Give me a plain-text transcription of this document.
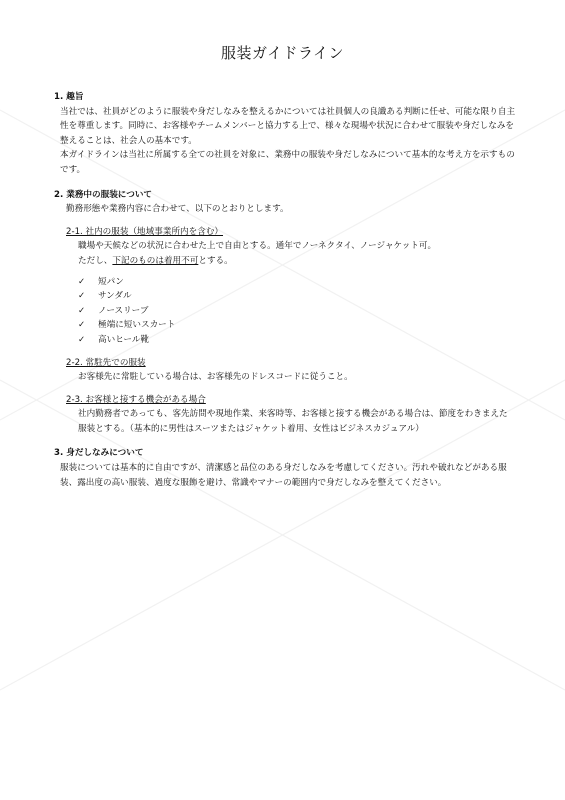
服装ガイドライン
1. 趣旨

当社では、社員がどのように服装や身だしなみを整えるかについては社員個人の良識ある判断に任せ、可能な限り自主性を尊重します。同時に、お客様やチームメンバーと協力する上で、様々な現場や状況に合わせて服装や身だしなみを整えることは、社会人の基本です。

本ガイドラインは当社に所属する全ての社員を対象に、業務中の服装や身だしなみについて基本的な考え方を示すものです。

2. 業務中の服装について

勤務形態や業務内容に合わせて、以下のとおりとします。

2-1. 社内の服装（地域事業所内を含む）
職場や天候などの状況に合わせた上で自由とする。通年でノーネクタイ、ノージャケット可。
ただし、下記のものは着用不可とする。
✓	短パン
✓	サンダル
✓	ノースリーブ
✓	極端に短いスカート
✓	高いヒール靴
2-2. 常駐先での服装
お客様先に常駐している場合は、お客様先のドレスコードに従うこと。
2-3. お客様と接する機会がある場合
社内勤務者であっても、客先訪問や現地作業、来客時等、お客様と接する機会がある場合は、節度をわきまえた服装とする。（基本的に男性はスーツまたはジャケット着用、女性はビジネスカジュアル）
3. 身だしなみについて

服装については基本的に自由ですが、清潔感と品位のある身だしなみを考慮してください。汚れや破れなどがある服装、露出度の高い服装、過度な服飾を避け、常識やマナーの範囲内で身だしなみを整えてください。
